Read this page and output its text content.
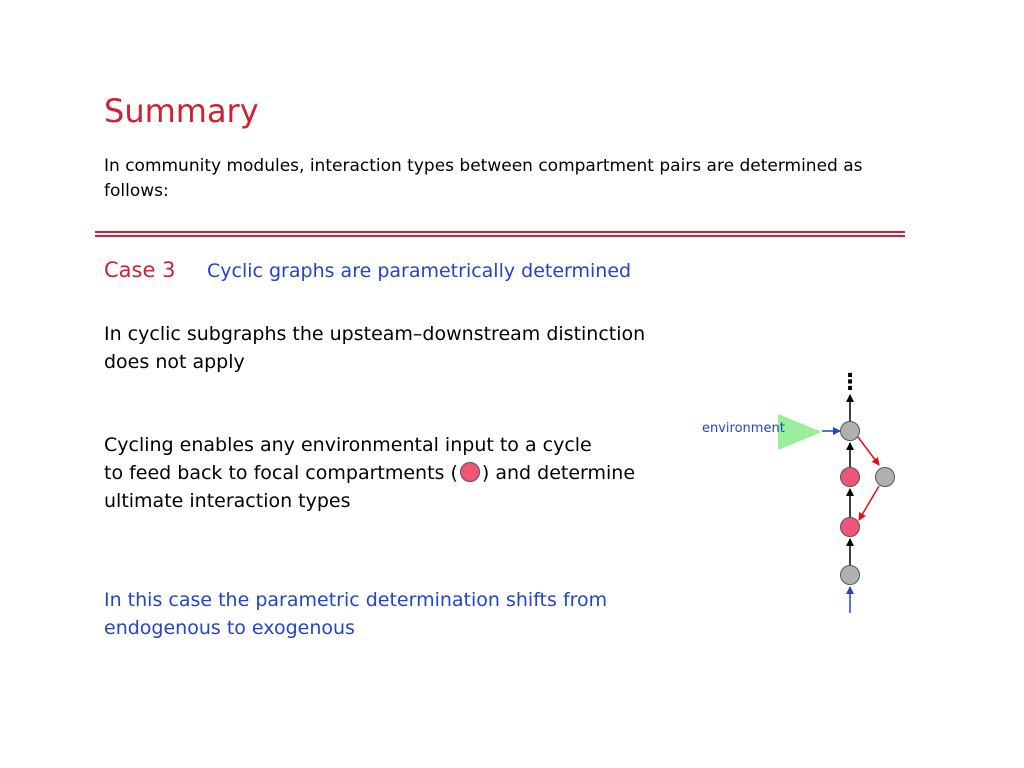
Summary
In community modules, interaction types between compartment pairs are determined as follows:
Case 3 Cyclic graphs are parametrically determined
In cyclic subgraphs the upsteam–downstream distinction
does not apply
Cycling enables any environmental input to a cycle
to feed back to focal compartments ( ) and determine
ultimate interaction types
In this case the parametric determination shifts from
endogenous to exogenous
⋮
environment
